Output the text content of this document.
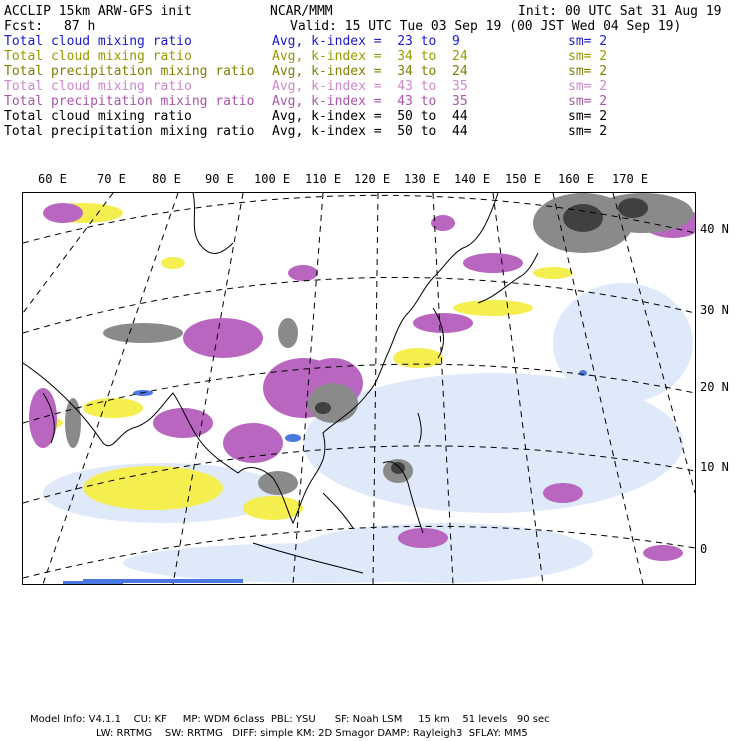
ACCLIP 15km ARW-GFS init	NCAR/MMM	Init: 00 UTC Sat 31 Aug 19
Fcst: 87 h	Valid: 15 UTC Tue 03 Sep 19 (00 JST Wed 04 Sep 19)
Total cloud mixing ratio	Avg, k-index =  23 to  9	sm= 2
Total cloud mixing ratio	Avg, k-index =  34 to  24	sm= 2
Total precipitation mixing ratio Avg, k-index =  34 to  24	sm= 2
Total cloud mixing ratio	Avg, k-index =  43 to  35	sm= 2
Total precipitation mixing ratio Avg, k-index =  43 to  35	sm= 2
Total cloud mixing ratio	Avg, k-index =  50 to  44	sm= 2
Total precipitation mixing ratio Avg, k-index =  50 to  44	sm= 2
60 E	70 E 80 E 90 E 100 E 110 E 120 E 130 E 140 E 150 E 160 E 170 E
40 N
30 N
20 N
10 N
0
Model Info: V4.1.1    CU: KF     MP: WDM 6class  PBL: YSU      SF: Noah LSM     15 km    51 levels   90 sec
LW: RRTMG    SW: RRTMG   DIFF: simple KM: 2D Smagor DAMP: Rayleigh3  SFLAY: MM5
